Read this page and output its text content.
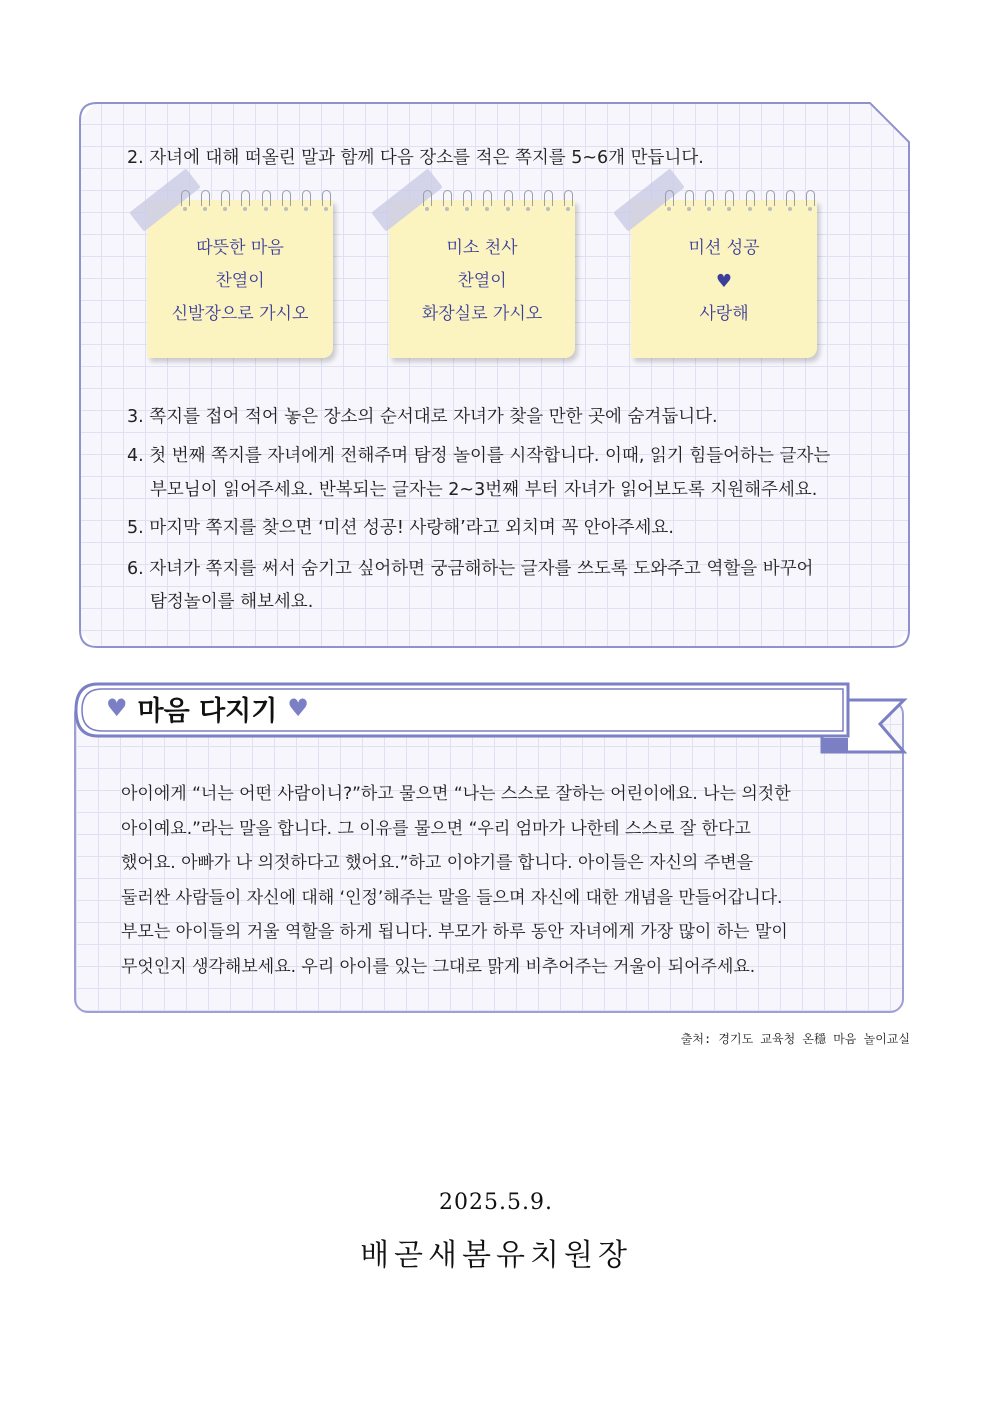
2. 자녀에 대해 떠올린 말과 함께 다음 장소를 적은 쪽지를 5~6개 만듭니다.
따뜻한 마음
찬열이
신발장으로 가시오
미소 천사
찬열이
화장실로 가시오
미션 성공
♥
사랑해
3. 쪽지를 접어 적어 놓은 장소의 순서대로 자녀가 찾을 만한 곳에 숨겨둡니다.
4. 첫 번째 쪽지를 자녀에게 전해주며 탐정 놀이를 시작합니다. 이때, 읽기 힘들어하는 글자는
부모님이 읽어주세요. 반복되는 글자는 2~3번째 부터 자녀가 읽어보도록 지원해주세요.
5. 마지막 쪽지를 찾으면 ‘미션 성공! 사랑해’라고 외치며 꼭 안아주세요.
6. 자녀가 쪽지를 써서 숨기고 싶어하면 궁금해하는 글자를 쓰도록 도와주고 역할을 바꾸어
탐정놀이를 해보세요.
아이에게 “너는 어떤 사람이니?”하고 물으면 “나는 스스로 잘하는 어린이에요. 나는 의젓한
아이예요.”라는 말을 합니다. 그 이유를 물으면 “우리 엄마가 나한테 스스로 잘 한다고
했어요. 아빠가 나 의젓하다고 했어요.”하고 이야기를 합니다. 아이들은 자신의 주변을
둘러싼 사람들이 자신에 대해 ‘인정’해주는 말을 들으며 자신에 대한 개념을 만들어갑니다.
부모는 아이들의 거울 역할을 하게 됩니다. 부모가 하루 동안 자녀에게 가장 많이 하는 말이
무엇인지 생각해보세요. 우리 아이를 있는 그대로 맑게 비추어주는 거울이 되어주세요.
♥ 마음 다지기 ♥
출처: 경기도 교육청 온穩 마음 놀이교실
2025.5.9.
배곧새봄유치원장
